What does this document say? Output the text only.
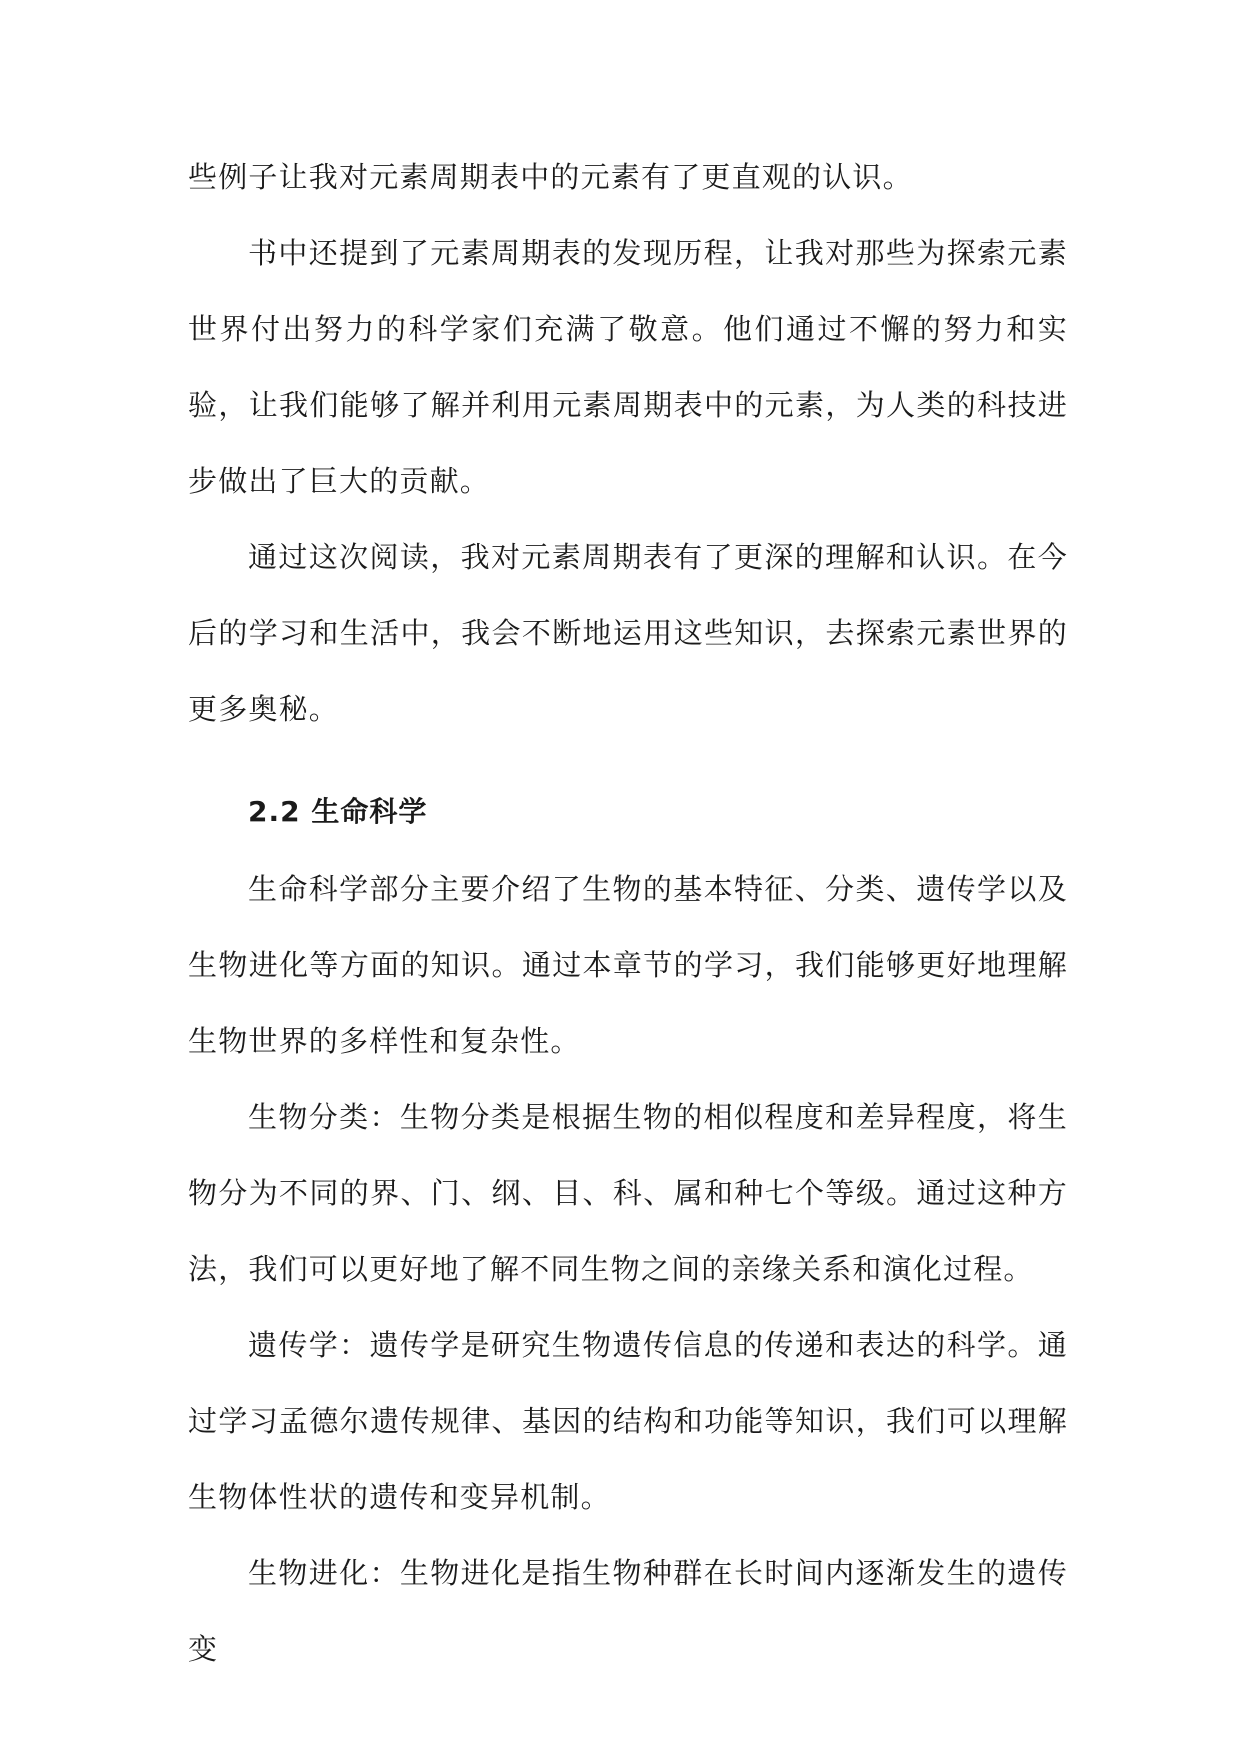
些例子让我对元素周期表中的元素有了更直观的认识。

书中还提到了元素周期表的发现历程，让我对那些为探索元素世界付出努力的科学家们充满了敬意。他们通过不懈的努力和实验，让我们能够了解并利用元素周期表中的元素，为人类的科技进步做出了巨大的贡献。

通过这次阅读，我对元素周期表有了更深的理解和认识。在今后的学习和生活中，我会不断地运用这些知识，去探索元素世界的更多奥秘。

2.2 生命科学

生命科学部分主要介绍了生物的基本特征、分类、遗传学以及生物进化等方面的知识。通过本章节的学习，我们能够更好地理解生物世界的多样性和复杂性。

生物分类：生物分类是根据生物的相似程度和差异程度，将生物分为不同的界、门、纲、目、科、属和种七个等级。通过这种方法，我们可以更好地了解不同生物之间的亲缘关系和演化过程。

遗传学：遗传学是研究生物遗传信息的传递和表达的科学。通过学习孟德尔遗传规律、基因的结构和功能等知识，我们可以理解生物体性状的遗传和变异机制。

生物进化：生物进化是指生物种群在长时间内逐渐发生的遗传变
